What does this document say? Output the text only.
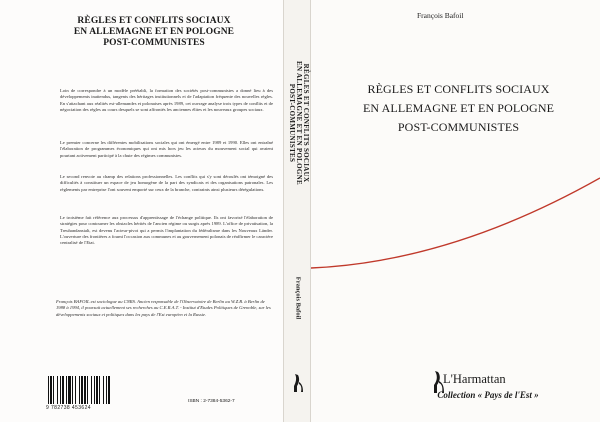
RÈGLES ET CONFLITS SOCIAUX
EN ALLEMAGNE ET EN POLOGNE
POST-COMMUNISTES
Loin de correspondre à un modèle préétabli, la formation des sociétés post-communistes a donné lieu à des développements inattendus, tangents des héritages institutionnels et de l'adaptation fréquente des nouvelles règles. En s'attachant aux réalités est-allemandes et polonaises après 1989, cet ouvrage analyse trois types de conflits et de négociation des règles au cours desquels se sont affrontés les anciennes élites et les nouveaux groupes sociaux.
Le premier concerne les différentes mobilisations sociales qui ont émergé entre 1989 et 1990. Elles ont entraîné l'élaboration de programmes économiques qui ont mis hors jeu les acteurs du mouvement social qui avaient pourtant activement participé à la chute des régimes communistes.
Le second renvoie au champ des relations professionnelles. Les conflits qui s'y sont déroulés ont témoigné des difficultés à constituer un espace de jeu homogène de la part des syndicats et des organisations patronales. Les règlements par entreprise l'ont souvent emporté sur ceux de la branche, contraints ainsi plusieurs dérégulations.
Le troisième fait référence aux processus d'apprentissage de l'échange politique. Ils ont favorisé l'élaboration de stratégies pour contourner les obstacles hérités de l'ancien régime ou surgis après 1989. L'office de privatisation, la Treuhandanstalt, est devenu l'acteur-pivot qui a permis l'implantation du fédéralisme dans les Nouveaux Länder. L'ouverture des frontières a fourni l'occasion aux communes et au gouvernement polonais de réaffirmer le caractère centralisé de l'Etat.
François BAFOIL est sociologue au CNRS. Ancien responsable de l'Observatoire de Berlin au W.Z.B. à Berlin de 1988 à 1994, il poursuit actuellement ses recherches au C.E.R.A.T. - Institut d'Etudes Politiques de Grenoble, sur les développements sociaux et politiques dans les pays de l'Est européen et la Russie.
9 782738 453624
ISBN : 2-7384-5362-7
RÈGLES ET CONFLITS SOCIAUX
EN ALLEMAGNE ET EN POLOGNE
POST-COMMUNISTES
François Bafoil
François Bafoil
RÈGLES ET CONFLITS SOCIAUX
EN ALLEMAGNE ET EN POLOGNE
POST-COMMUNISTES
L'Harmattan
Collection « Pays de l'Est »
